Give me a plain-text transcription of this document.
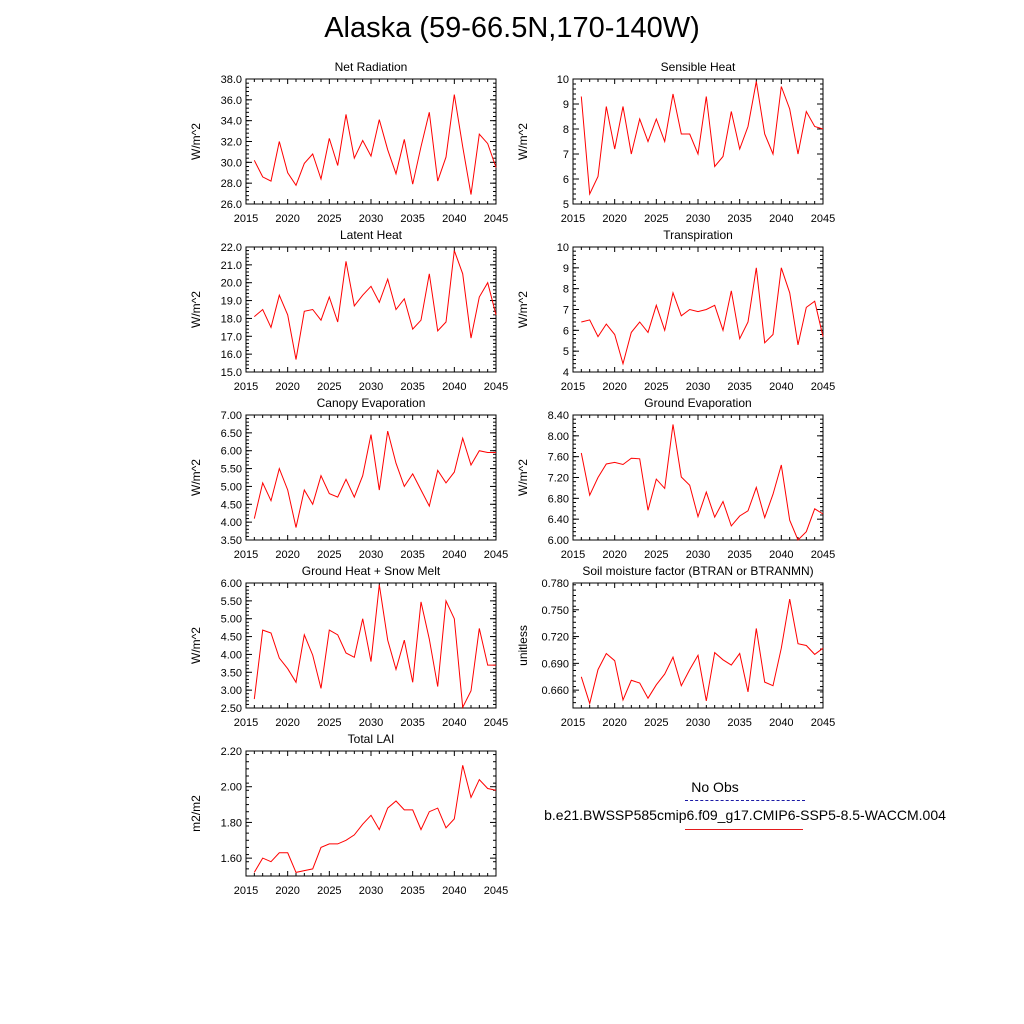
Alaska (59-66.5N,170-140W)
2015 2020 2025 2030 2035 2040 2045
26.0
28.0
30.0
32.0
34.0
36.0
38.0
Net Radiation
W/m^2
2015 2020 2025 2030 2035 2040 2045
5
6
7
8
9
10
Sensible Heat
W/m^2
2015 2020 2025 2030 2035 2040 2045
15.0
16.0
17.0
18.0
19.0
20.0
21.0
22.0
Latent Heat
W/m^2
2015 2020 2025 2030 2035 2040 2045
4
5
6
7
8
9
10
Transpiration
W/m^2
2015 2020 2025 2030 2035 2040 2045
3.50
4.00
4.50
5.00
5.50
6.00
6.50
7.00
Canopy Evaporation
W/m^2
2015 2020 2025 2030 2035 2040 2045
6.00
6.40
6.80
7.20
7.60
8.00
8.40
Ground Evaporation
W/m^2
2015 2020 2025 2030 2035 2040 2045
2.50
3.00
3.50
4.00
4.50
5.00
5.50
6.00
Ground Heat + Snow Melt
W/m^2
2015 2020 2025 2030 2035 2040 2045
0.660
0.690
0.720
0.750
0.780
Soil moisture factor (BTRAN or BTRANMN)
unitless
2015 2020 2025 2030 2035 2040 2045
1.60
1.80
2.00
2.20
Total LAI
m2/m2
No Obs
b.e21.BWSSP585cmip6.f09_g17.CMIP6-SSP5-8.5-WACCM.004
